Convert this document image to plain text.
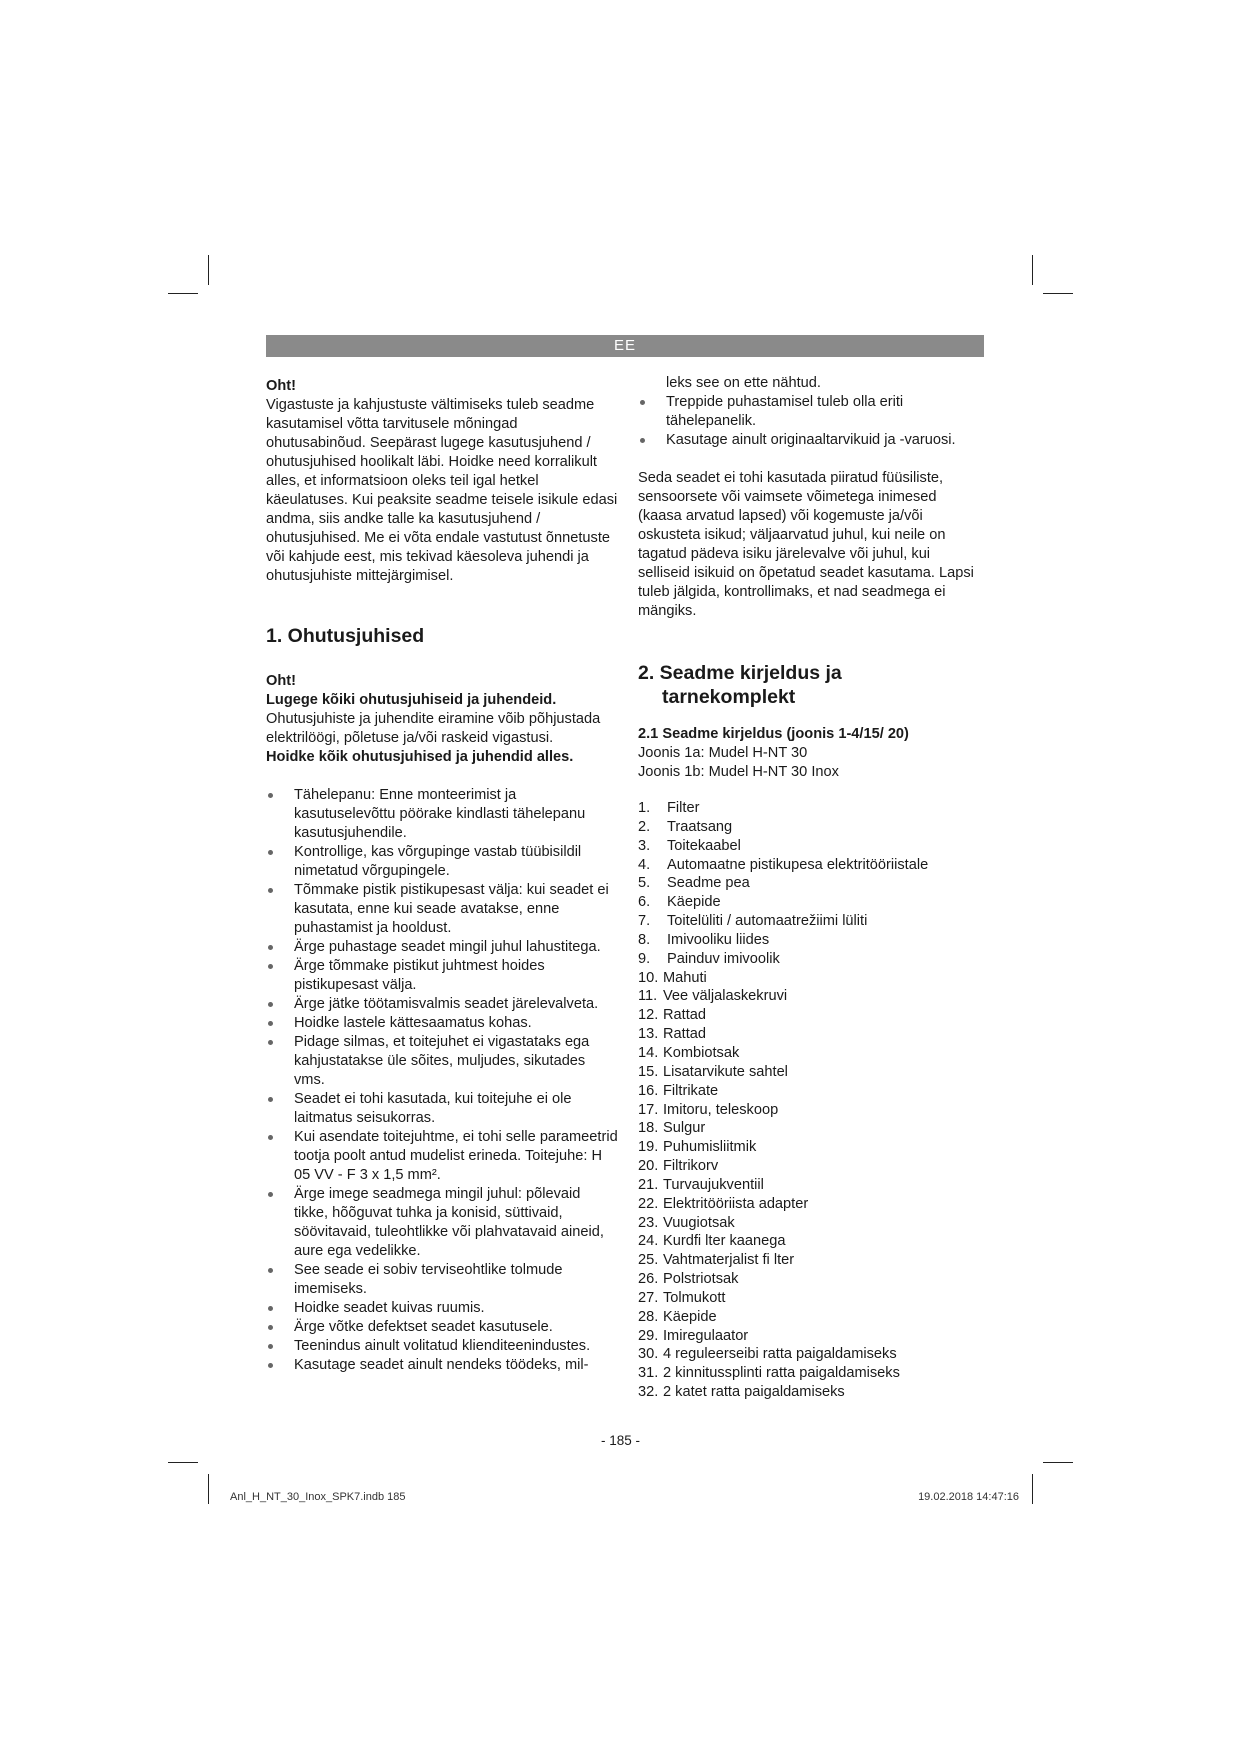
EE

Oht!

Vigastuste ja kahjustuste vältimiseks tuleb seadme kasutamisel võtta tarvitusele mõningad ohutusabinõud. Seepärast lugege kasutusjuhend / ohutusjuhised hoolikalt läbi. Hoidke need korralikult alles, et informatsioon oleks teil igal hetkel käeulatuses. Kui peaksite seadme teisele isikule edasi andma, siis andke talle ka kasutusjuhend / ohutusjuhised. Me ei võta endale vastutust õnnetuste või kahjude eest, mis tekivad käesoleva juhendi ja ohutusjuhiste mittejärgimisel.

1. Ohutusjuhised

Oht!

Lugege kõiki ohutusjuhiseid ja juhendeid.

Ohutusjuhiste ja juhendite eiramine võib põhjustada elektrilöögi, põletuse ja/või raskeid vigastusi.

Hoidke kõik ohutusjuhised ja juhendid alles.

Tähelepanu: Enne monteerimist ja kasutuselevõttu pöörake kindlasti tähelepanu kasutusjuhendile.
Kontrollige, kas võrgupinge vastab tüübisildil nimetatud võrgupingele.
Tõmmake pistik pistikupesast välja: kui seadet ei kasutata, enne kui seade avatakse, enne puhastamist ja hooldust.
Ärge puhastage seadet mingil juhul lahustitega.
Ärge tõmmake pistikut juhtmest hoides pistikupesast välja.
Ärge jätke töötamisvalmis seadet järelevalveta.
Hoidke lastele kättesaamatus kohas.
Pidage silmas, et toitejuhet ei vigastataks ega kahjustatakse üle sõites, muljudes, sikutades vms.
Seadet ei tohi kasutada, kui toitejuhe ei ole laitmatus seisukorras.
Kui asendate toitejuhtme, ei tohi selle parameetrid tootja poolt antud mudelist erineda. Toitejuhe: H 05 VV - F 3 x 1,5 mm².
Ärge imege seadmega mingil juhul: põlevaid tikke, hõõguvat tuhka ja konisid, süttivaid, söövitavaid, tuleohtlikke või plahvatavaid aineid, aure ega vedelikke.
See seade ei sobiv terviseohtlike tolmude imemiseks.
Hoidke seadet kuivas ruumis.
Ärge võtke defektset seadet kasutusele.
Teenindus ainult volitatud klienditeenindustes.
Kasutage seadet ainult nendeks töödeks, mil-

leks see on ette nähtud.

Treppide puhastamisel tuleb olla eriti tähelepanelik.
Kasutage ainult originaaltarvikuid ja -varuosi.

Seda seadet ei tohi kasutada piiratud füüsiliste, sensoorsete või vaimsete võimetega inimesed (kaasa arvatud lapsed) või kogemuste ja/või oskusteta isikud; väljaarvatud juhul, kui neile on tagatud pädeva isiku järelevalve või juhul, kui selliseid isikuid on õpetatud seadet kasutama. Lapsi tuleb jälgida, kontrollimaks, et nad seadmega ei mängiks.

2. Seadme kirjeldus ja
tarnekomplekt
2.1 Seadme kirjeldus (joonis 1-4/15/ 20)

Joonis 1a: Mudel H-NT 30

Joonis 1b: Mudel H-NT 30 Inox

1.	Filter
2.	Traatsang
3.	Toitekaabel
4.	Automaatne pistikupesa elektritööriistale
5.	Seadme pea
6.	Käepide
7.	Toitelüliti / automaatrežiimi lüliti
8.	Imivooliku liides
9.	Painduv imivoolik
10. Mahuti
11. Vee väljalaskekruvi
12. Rattad
13. Rattad
14. Kombiotsak
15. Lisatarvikute sahtel
16. Filtrikate
17. Imitoru, teleskoop
18. Sulgur
19. Puhumisliitmik
20. Filtrikorv
21. Turvaujukventiil
22. Elektritööriista adapter
23. Vuugiotsak
24. Kurdfi lter kaanega
25. Vahtmaterjalist fi lter
26. Polstriotsak
27. Tolmukott
28. Käepide
29. Imiregulaator
30. 4 reguleerseibi ratta paigaldamiseks
31. 2 kinnitussplinti ratta paigaldamiseks
32. 2 katet ratta paigaldamiseks
- 185 -
Anl_H_NT_30_Inox_SPK7.indb 185	19.02.2018 14:47:16
